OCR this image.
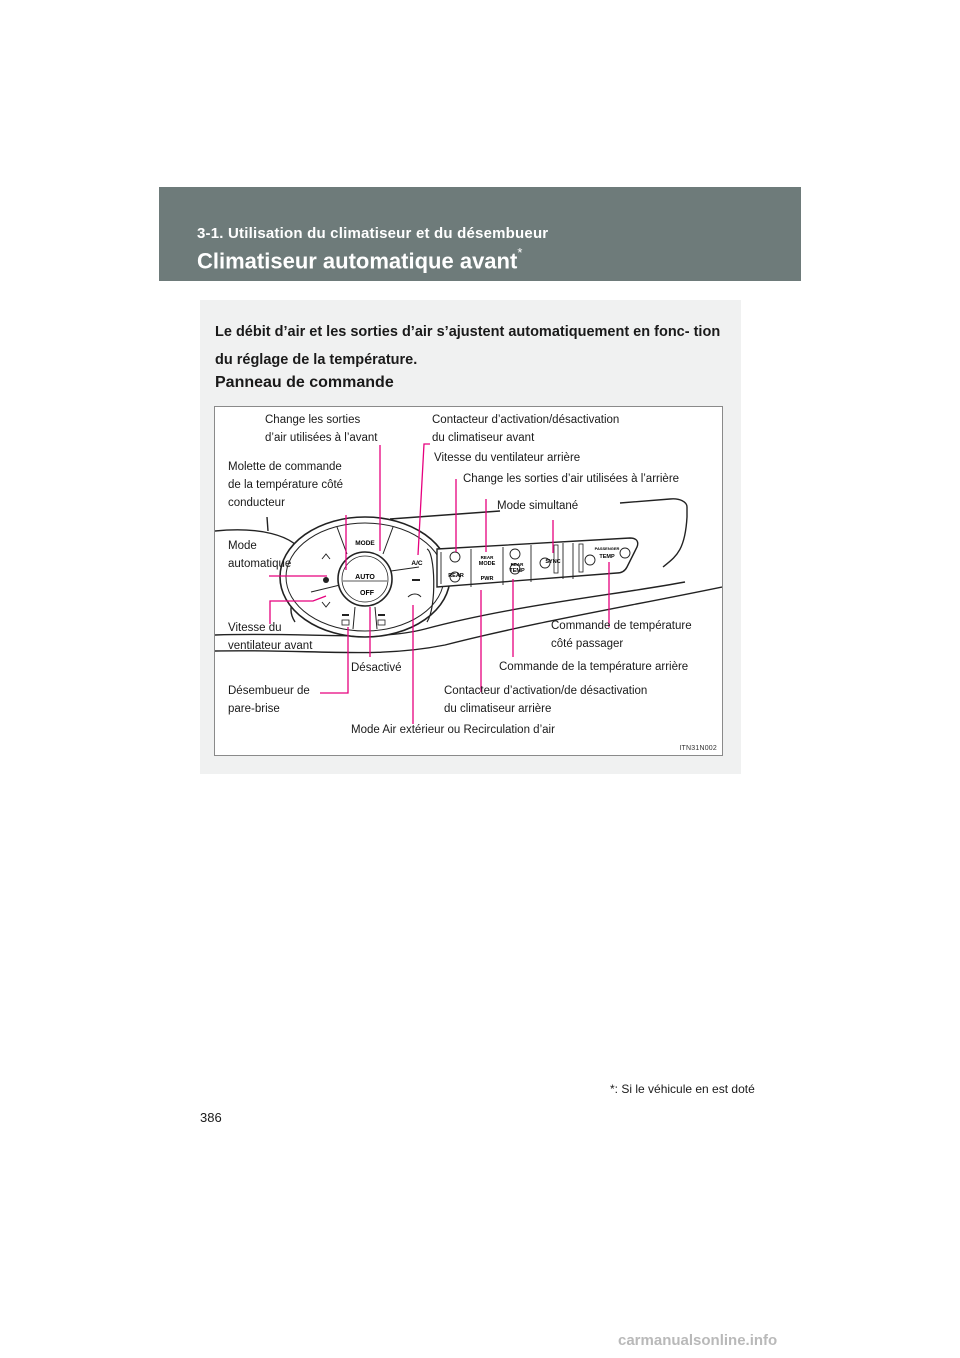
3-1. Utilisation du climatiseur et du désembueur
Climatiseur automatique avant*
Le débit d’air et les sorties d’air s’ajustent automatiquement en fonc- tion du réglage de la température.
Panneau de commande
AUTO
OFF
MODE
A/C
REAR
REAR
MODE
PWR
REAR
TEMP
SYNC
PASSENGER
TEMP
Change les sorties
d’air utilisées à l’avant
Contacteur d’activation/désactivation
du climatiseur avant
Vitesse du ventilateur arrière
Change les sorties d’air utilisées à l’arrière
Molette de commande
de la température côté
conducteur	Mode simultané
Mode
automatique
Vitesse du
ventilateur avant
Commande de température
côté passager
Désactivé	Commande de la température arrière
Désembueur de
pare-brise
Contacteur d’activation/de désactivation
du climatiseur arrière
Mode Air extérieur ou Recirculation d’air
ITN31N002
*: Si le véhicule en est doté
386
carmanualsonline.info
